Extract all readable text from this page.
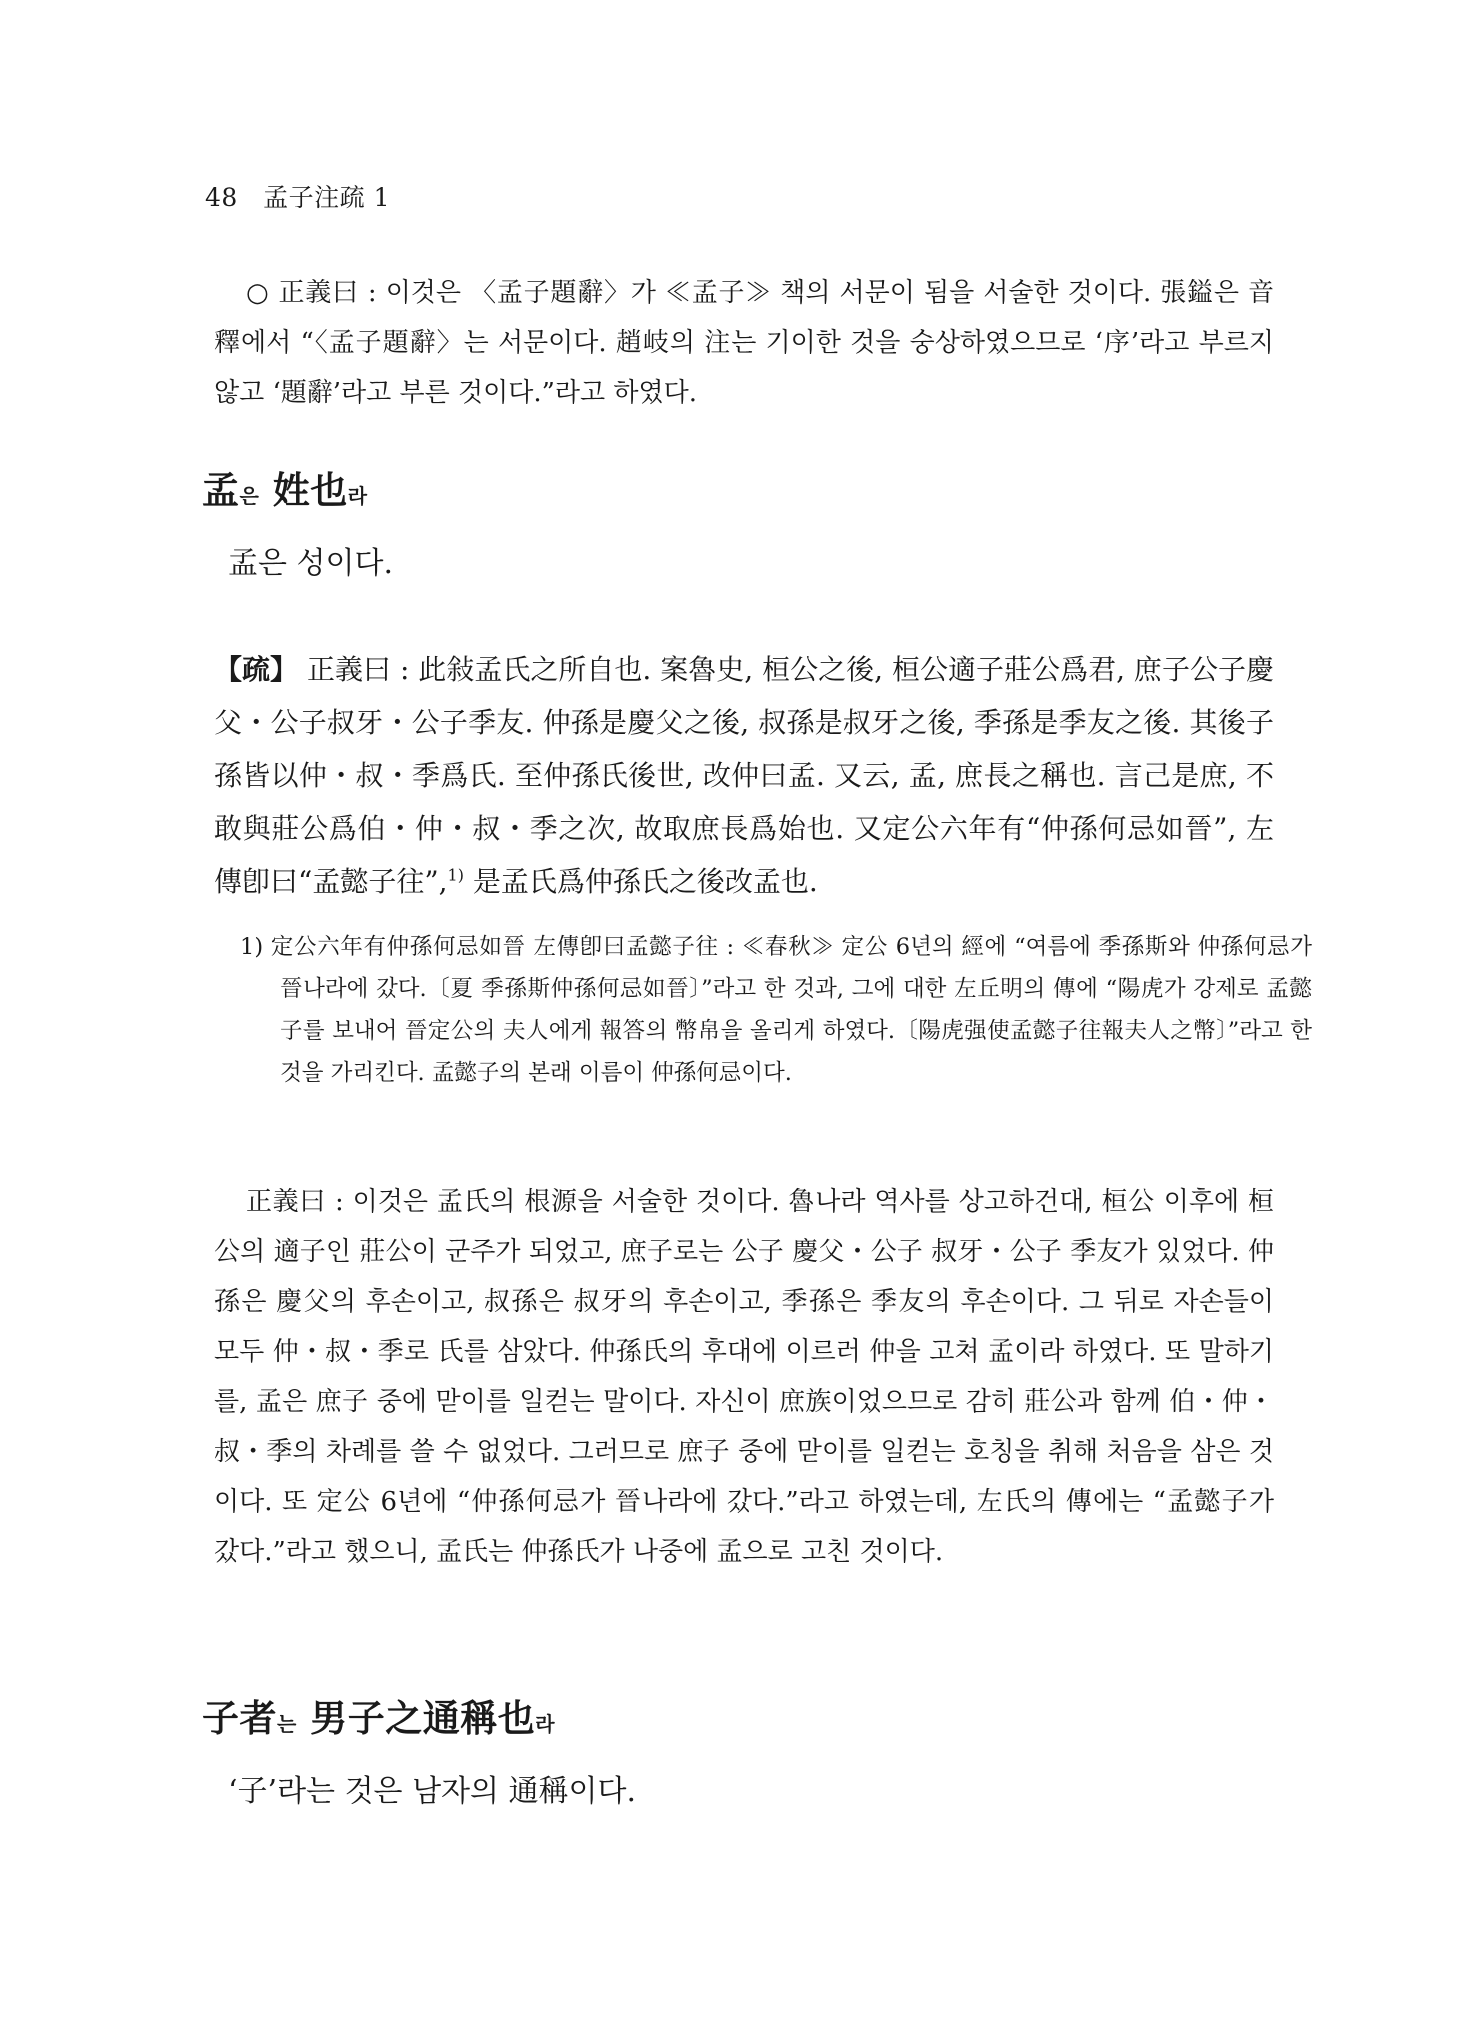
48 孟子注疏 1

○ 正義曰 : 이것은 〈孟子題辭〉가 ≪孟子≫ 책의 서문이 됨을 서술한 것이다. 張鎰은 音釋에서 “〈孟子題辭〉는 서문이다. 趙岐의 注는 기이한 것을 숭상하였으므로 ‘序’라고 부르지 않고 ‘題辭’라고 부른 것이다.”라고 하였다.

孟은 姓也라

孟은 성이다.

【疏】 正義曰 : 此敍孟氏之所自也. 案魯史, 桓公之後, 桓公適子莊公爲君, 庶子公子慶父・公子叔牙・公子季友. 仲孫是慶父之後, 叔孫是叔牙之後, 季孫是季友之後. 其後子孫皆以仲・叔・季爲氏. 至仲孫氏後世, 改仲曰孟. 又云, 孟, 庶長之稱也. 言己是庶, 不敢與莊公爲伯・仲・叔・季之次, 故取庶長爲始也. 又定公六年有“仲孫何忌如晉”, 左傳卽曰“孟懿子往”,$^{1)}$ 是孟氏爲仲孫氏之後改孟也.

1) 定公六年有仲孫何忌如晉 左傳卽曰孟懿子往 : ≪春秋≫ 定公 6년의 經에 “여름에 季孫斯와 仲孫何忌가 晉나라에 갔다.〔夏 季孫斯仲孫何忌如晉〕”라고 한 것과, 그에 대한 左丘明의 傳에 “陽虎가 강제로 孟懿子를 보내어 晉定公의 夫人에게 報答의 幣帛을 올리게 하였다.〔陽虎强使孟懿子往報夫人之幣〕”라고 한 것을 가리킨다. 孟懿子의 본래 이름이 仲孫何忌이다.

正義曰 : 이것은 孟氏의 根源을 서술한 것이다. 魯나라 역사를 상고하건대, 桓公 이후에 桓公의 適子인 莊公이 군주가 되었고, 庶子로는 公子 慶父・公子 叔牙・公子 季友가 있었다. 仲孫은 慶父의 후손이고, 叔孫은 叔牙의 후손이고, 季孫은 季友의 후손이다. 그 뒤로 자손들이 모두 仲・叔・季로 氏를 삼았다. 仲孫氏의 후대에 이르러 仲을 고쳐 孟이라 하였다. 또 말하기를, 孟은 庶子 중에 맏이를 일컫는 말이다. 자신이 庶族이었으므로 감히 莊公과 함께 伯・仲・叔・季의 차례를 쓸 수 없었다. 그러므로 庶子 중에 맏이를 일컫는 호칭을 취해 처음을 삼은 것이다. 또 定公 6년에 “仲孫何忌가 晉나라에 갔다.”라고 하였는데, 左氏의 傳에는 “孟懿子가 갔다.”라고 했으니, 孟氏는 仲孫氏가 나중에 孟으로 고친 것이다.

子者는 男子之通稱也라

‘子’라는 것은 남자의 通稱이다.
